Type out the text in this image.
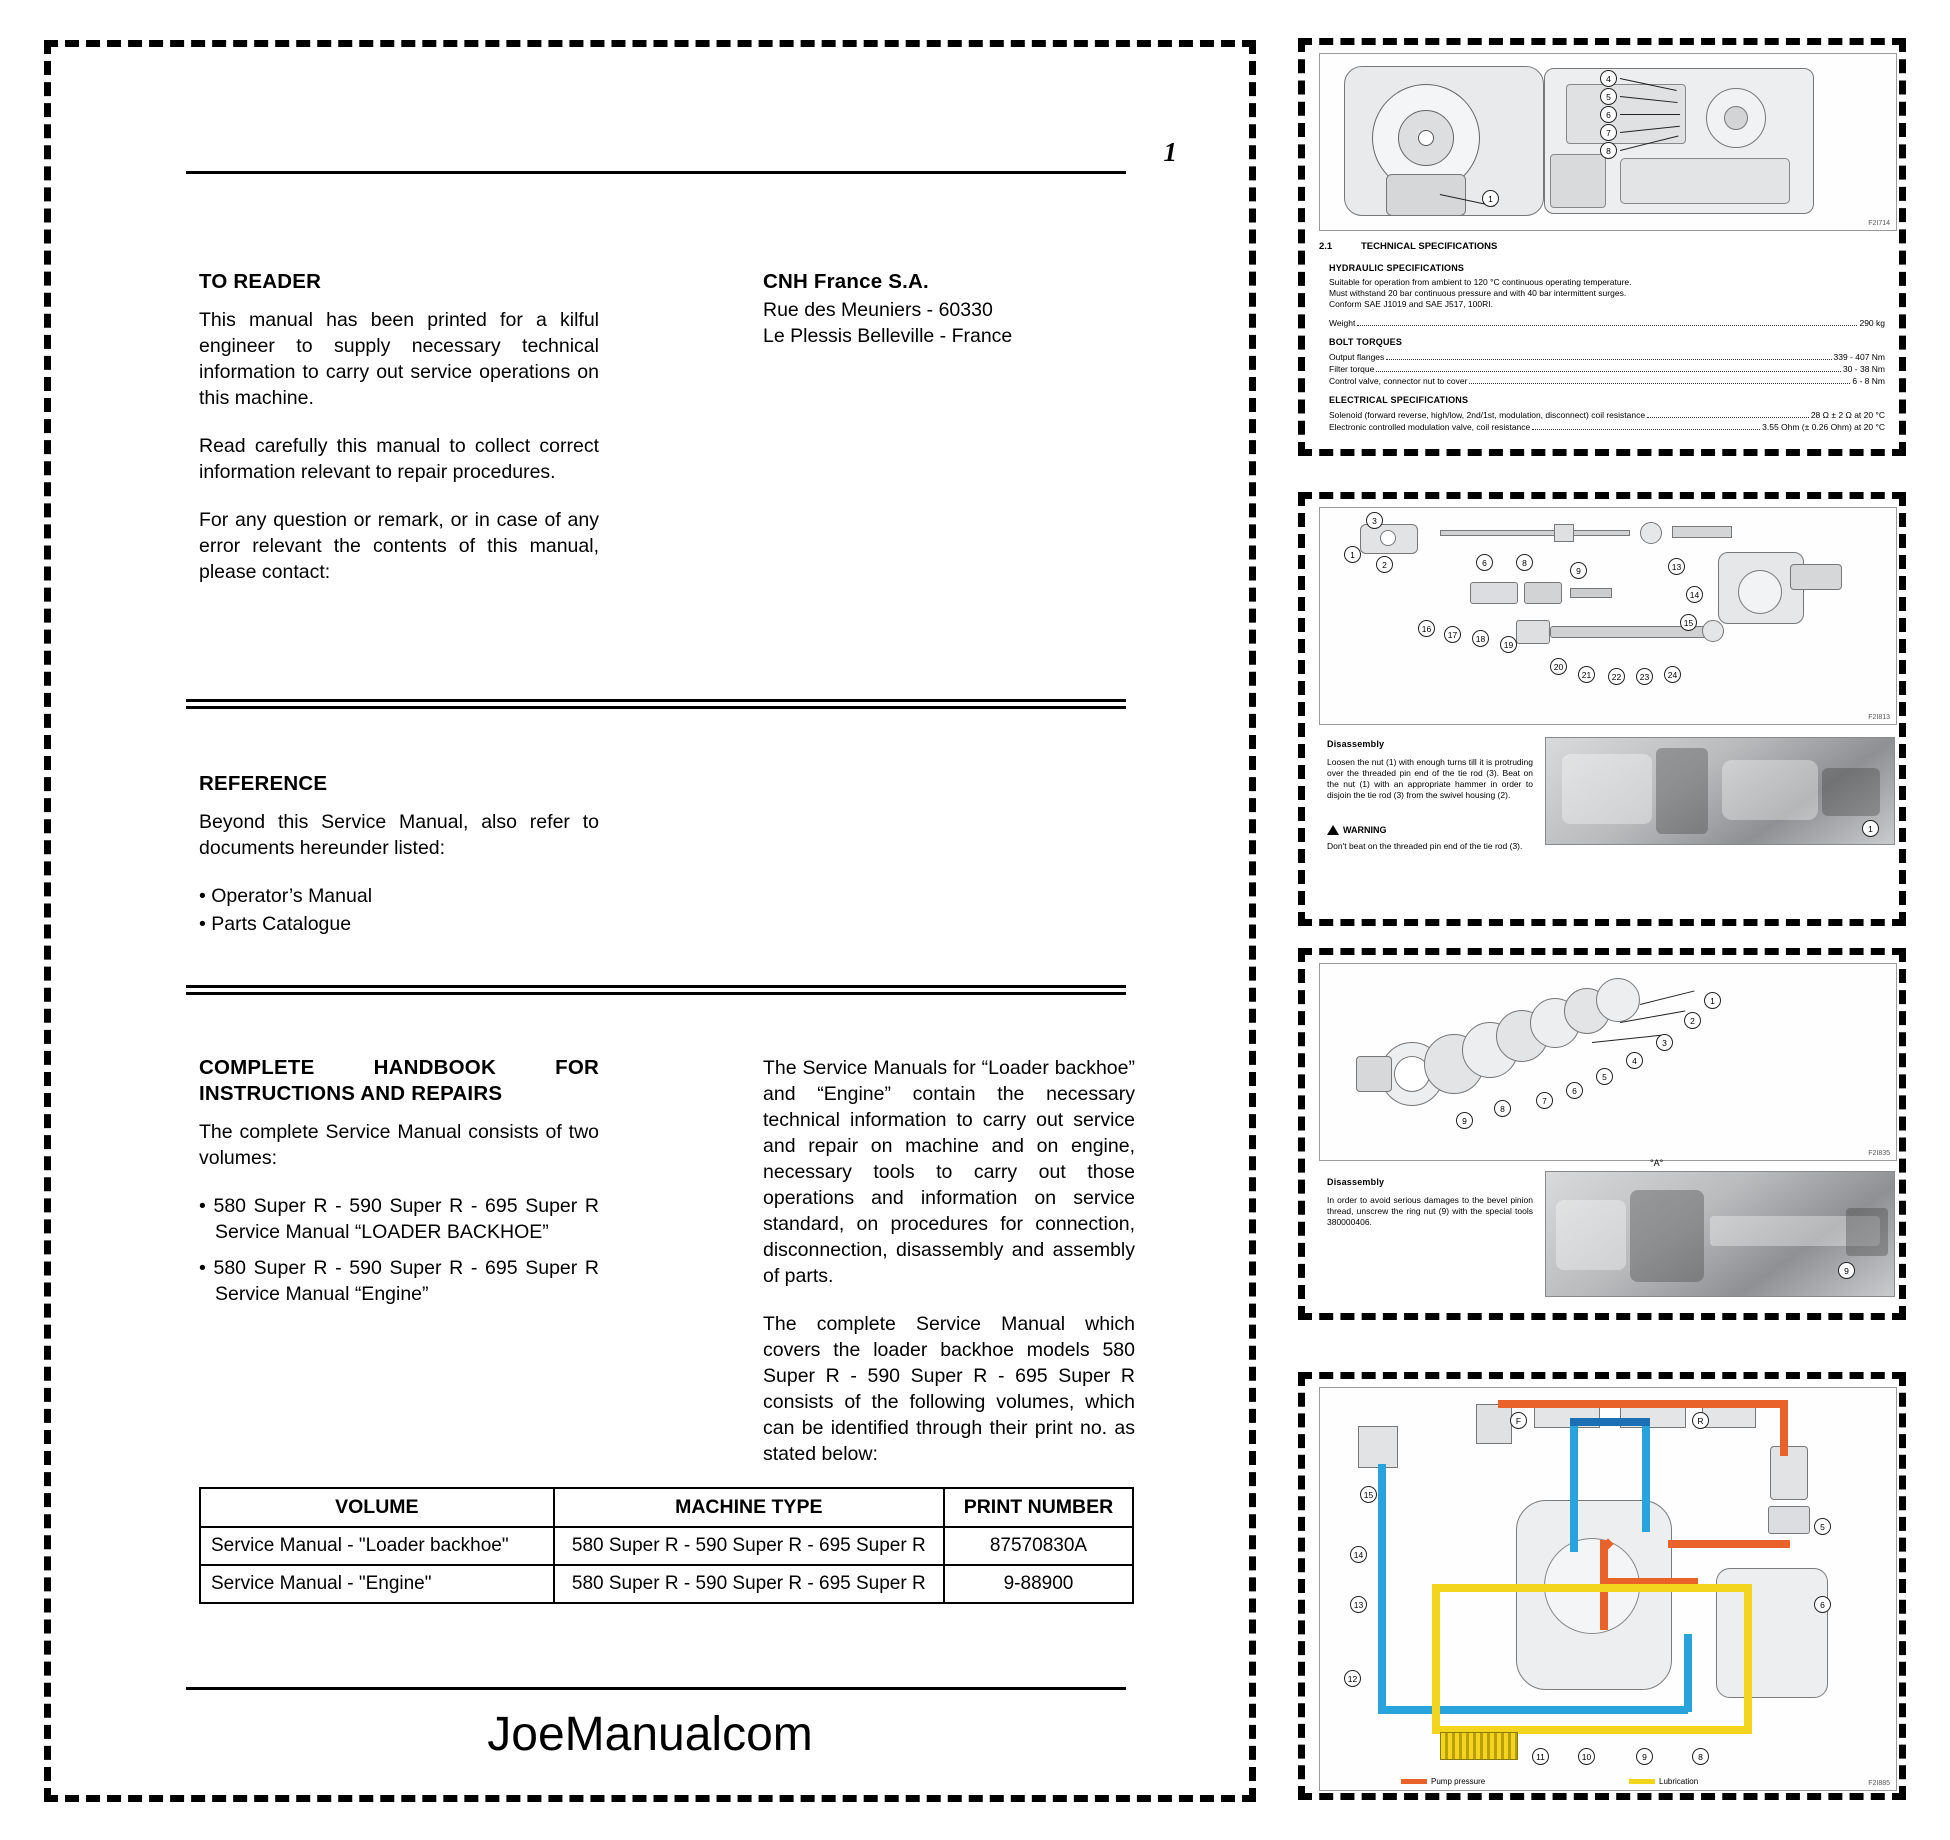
1
TO READER

This manual has been printed for a kilful engineer to supply necessary technical information to carry out service operations on this machine.

Read carefully this manual to collect correct information relevant to repair procedures.

For any question or remark, or in case of any error relevant the contents of this manual, please contact:

CNH France S.A.
Rue des Meuniers - 60330
Le Plessis Belleville - France
REFERENCE

Beyond this Service Manual, also refer to documents hereunder listed:

• Operator’s Manual
• Parts Catalogue
COMPLETE HANDBOOK FOR INSTRUCTIONS AND REPAIRS

The complete Service Manual consists of two volumes:

• 580 Super R - 590 Super R - 695 Super R Service Manual “LOADER BACKHOE”
• 580 Super R - 590 Super R - 695 Super R Service Manual “Engine”

The Service Manuals for “Loader backhoe” and “Engine” contain the necessary technical information to carry out service and repair on machine and on engine, necessary tools to carry out those operations and information on service standard, on procedures for connection, disconnection, disassembly and assembly of parts.

The complete Service Manual which covers the loader backhoe models 580 Super R - 590 Super R - 695 Super R consists of the following volumes, which can be identified through their print no. as stated below:

VOLUME	MACHINE TYPE	PRINT NUMBER
Service Manual - "Loader backhoe"	580 Super R - 590 Super R - 695 Super R	87570830A
Service Manual - "Engine"	580 Super R - 590 Super R - 695 Super R	9-88900
JoeManualcom
4
5
6
7
8
1
F2I714
2.1	TECHNICAL SPECIFICATIONS
HYDRAULIC SPECIFICATIONS
Suitable for operation from ambient to 120 °C continuous operating temperature.
Must withstand 20 bar continuous pressure and with 40 bar intermittent surges.
Conform SAE J1019 and SAE J517, 100RI.
Weight	290 kg
BOLT TORQUES
Output flanges	339 - 407 Nm
Filter torque	30 - 38 Nm
Control valve, connector nut to cover	6 - 8 Nm
ELECTRICAL SPECIFICATIONS
Solenoid (forward reverse, high/low, 2nd/1st, modulation, disconnect) coil resistance	28 Ω ± 2 Ω at 20 °C
Electronic controlled modulation valve, coil resistance	3.55 Ohm (± 0.26 Ohm) at 20 °C
1
2
3
6	8
9	13
14
15
16
17	18
19
20
21	22	23	24
F2I813
Disassembly
Loosen the nut (1) with enough turns till it is protruding over the threaded pin end of the tie rod (3). Beat on the nut (1) with an appropriate hammer in order to disjoin the tie rod (3) from the swivel housing (2).
WARNING
Don't beat on the threaded pin end of the tie rod (3).
1
1
2
3
4
5
6
7
8
9
F2I835
Disassembly
In order to avoid serious damages to the bevel pinion thread, unscrew the ring nut (9) with the special tools 380000406.
9
°A°
F	R
15
14
13
12
11	10	9	8
6
5
F2I885
Pump pressure	Lubrication
